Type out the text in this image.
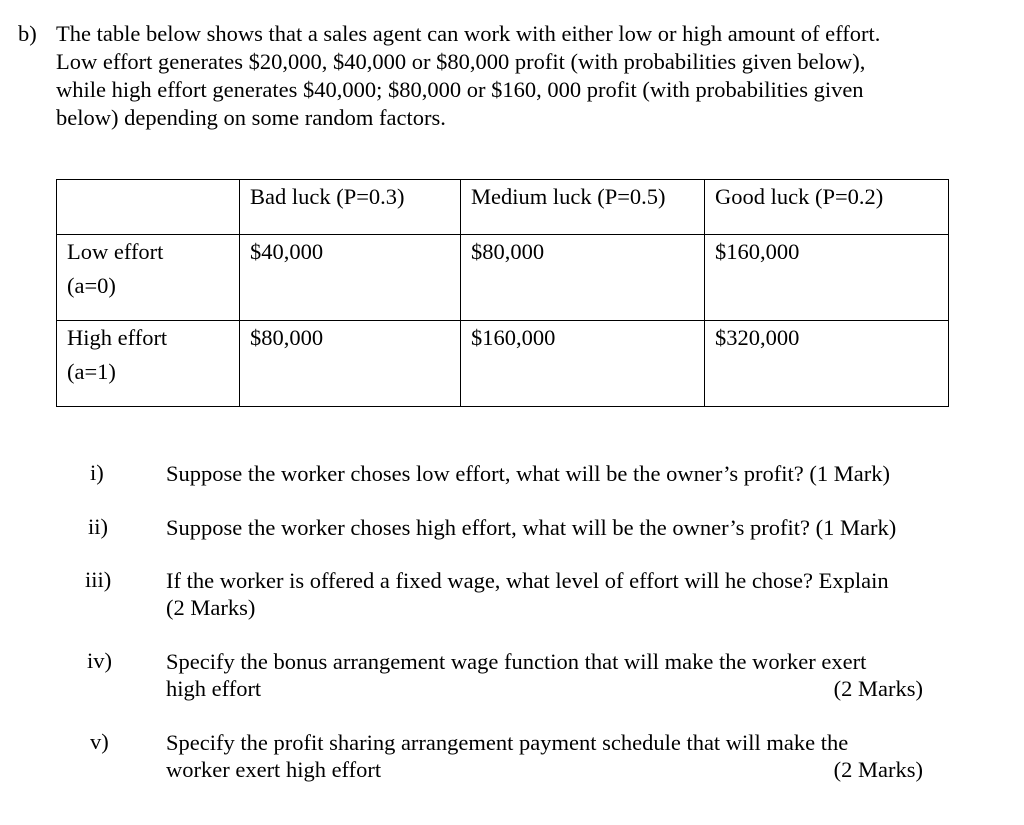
b) The table below shows that a sales agent can work with either low or high amount of effort.
Low effort generates $20,000, $40,000 or $80,000 profit (with probabilities given below),
while high effort generates $40,000; $80,000 or $160, 000 profit (with probabilities given
below) depending on some random factors.
	Bad luck (P=0.3)	Medium luck (P=0.5)	Good luck (P=0.2)

Low effort
(a=0)	$40,000	$80,000	$160,000

High effort
(a=1)	$80,000	$160,000	$320,000
i)	Suppose the worker choses low effort, what will be the owner’s profit? (1 Mark)
ii)	Suppose the worker choses high effort, what will be the owner’s profit? (1 Mark)
iii)	If the worker is offered a fixed wage, what level of effort will he chose? Explain
(2 Marks)
iv)	Specify the bonus arrangement wage function that will make the worker exert
high effort	(2 Marks)
v)	Specify the profit sharing arrangement payment schedule that will make the
worker exert high effort	(2 Marks)
